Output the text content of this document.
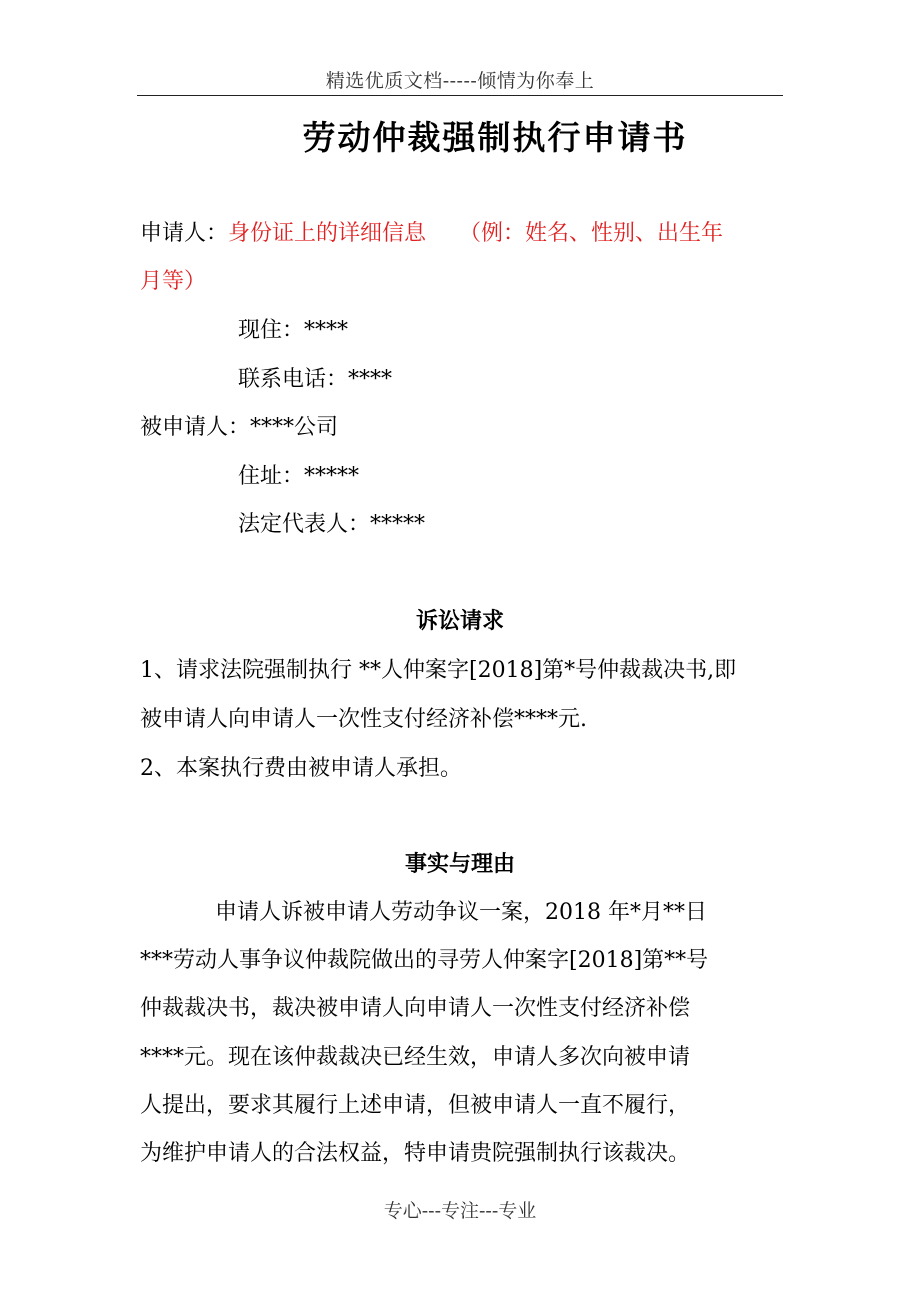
精选优质文档-----倾情为你奉上
劳动仲裁强制执行申请书
申请人：身份证上的详细信息　　（例：姓名、性别、出生年
月等）
现住：****
联系电话：****
被申请人：****公司
住址：*****
法定代表人：*****
诉讼请求
1、请求法院强制执行 **人仲案字[2018]第*号仲裁裁决书,即
被申请人向申请人一次性支付经济补偿****元.
2、本案执行费由被申请人承担。
事实与理由
申请人诉被申请人劳动争议一案，2018 年*月**日
***劳动人事争议仲裁院做出的寻劳人仲案字[2018]第**号
仲裁裁决书，裁决被申请人向申请人一次性支付经济补偿
****元。现在该仲裁裁决已经生效，申请人多次向被申请
人提出，要求其履行上述申请，但被申请人一直不履行，
为维护申请人的合法权益，特申请贵院强制执行该裁决。
专心---专注---专业
